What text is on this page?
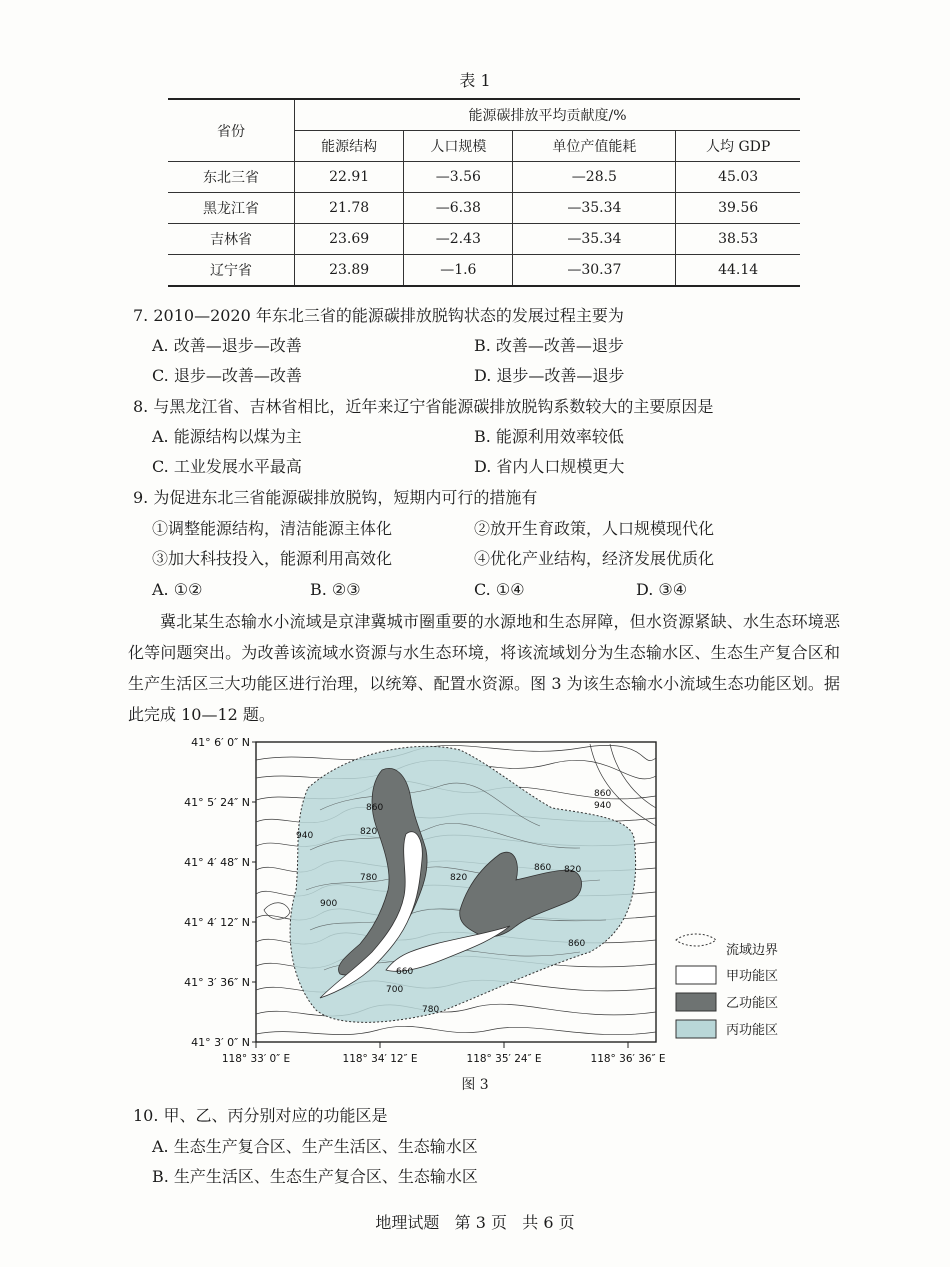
表 1
省份	能源碳排放平均贡献度/%			
	能源结构	人口规模	单位产值能耗	人均 GDP
东北三省	22.91	—3.56	—28.5	45.03
黑龙江省	21.78	—6.38	—35.34	39.56
吉林省	23.69	—2.43	—35.34	38.53
辽宁省	23.89	—1.6	—30.37	44.14
7. 2010—2020 年东北三省的能源碳排放脱钩状态的发展过程主要为
A. 改善—退步—改善	B. 改善—改善—退步
C. 退步—改善—改善	D. 退步—改善—退步
8. 与黑龙江省、吉林省相比，近年来辽宁省能源碳排放脱钩系数较大的主要原因是
A. 能源结构以煤为主	B. 能源利用效率较低
C. 工业发展水平最高	D. 省内人口规模更大
9. 为促进东北三省能源碳排放脱钩，短期内可行的措施有
①调整能源结构，清洁能源主体化	②放开生育政策，人口规模现代化
③加大科技投入，能源利用高效化	④优化产业结构，经济发展优质化
A. ①②	B. ②③	C. ①④	D. ③④
冀北某生态输水小流域是京津冀城市圈重要的水源地和生态屏障，但水资源紧缺、水生态环境恶化等问题突出。为改善该流域水资源与水生态环境，将该流域划分为生态输水区、生态生产复合区和生产生活区三大功能区进行治理，以统筹、配置水资源。图 3 为该生态输水小流域生态功能区划。据此完成 10—12 题。
860
820
940
780
900
820
860 820
860
940
660
700
780
860
41° 6′ 0″ N
41° 5′ 24″ N
41° 4′ 48″ N
41° 4′ 12″ N
41° 3′ 36″ N
41° 3′ 0″ N
118° 33′ 0″ E	118° 34′ 12″ E	118° 35′ 24″ E	118° 36′ 36″ E
流域边界
甲功能区
乙功能区
丙功能区
图 3
10. 甲、乙、丙分别对应的功能区是
A. 生态生产复合区、生产生活区、生态输水区
B. 生产生活区、生态生产复合区、生态输水区
地理试题 第 3 页 共 6 页
